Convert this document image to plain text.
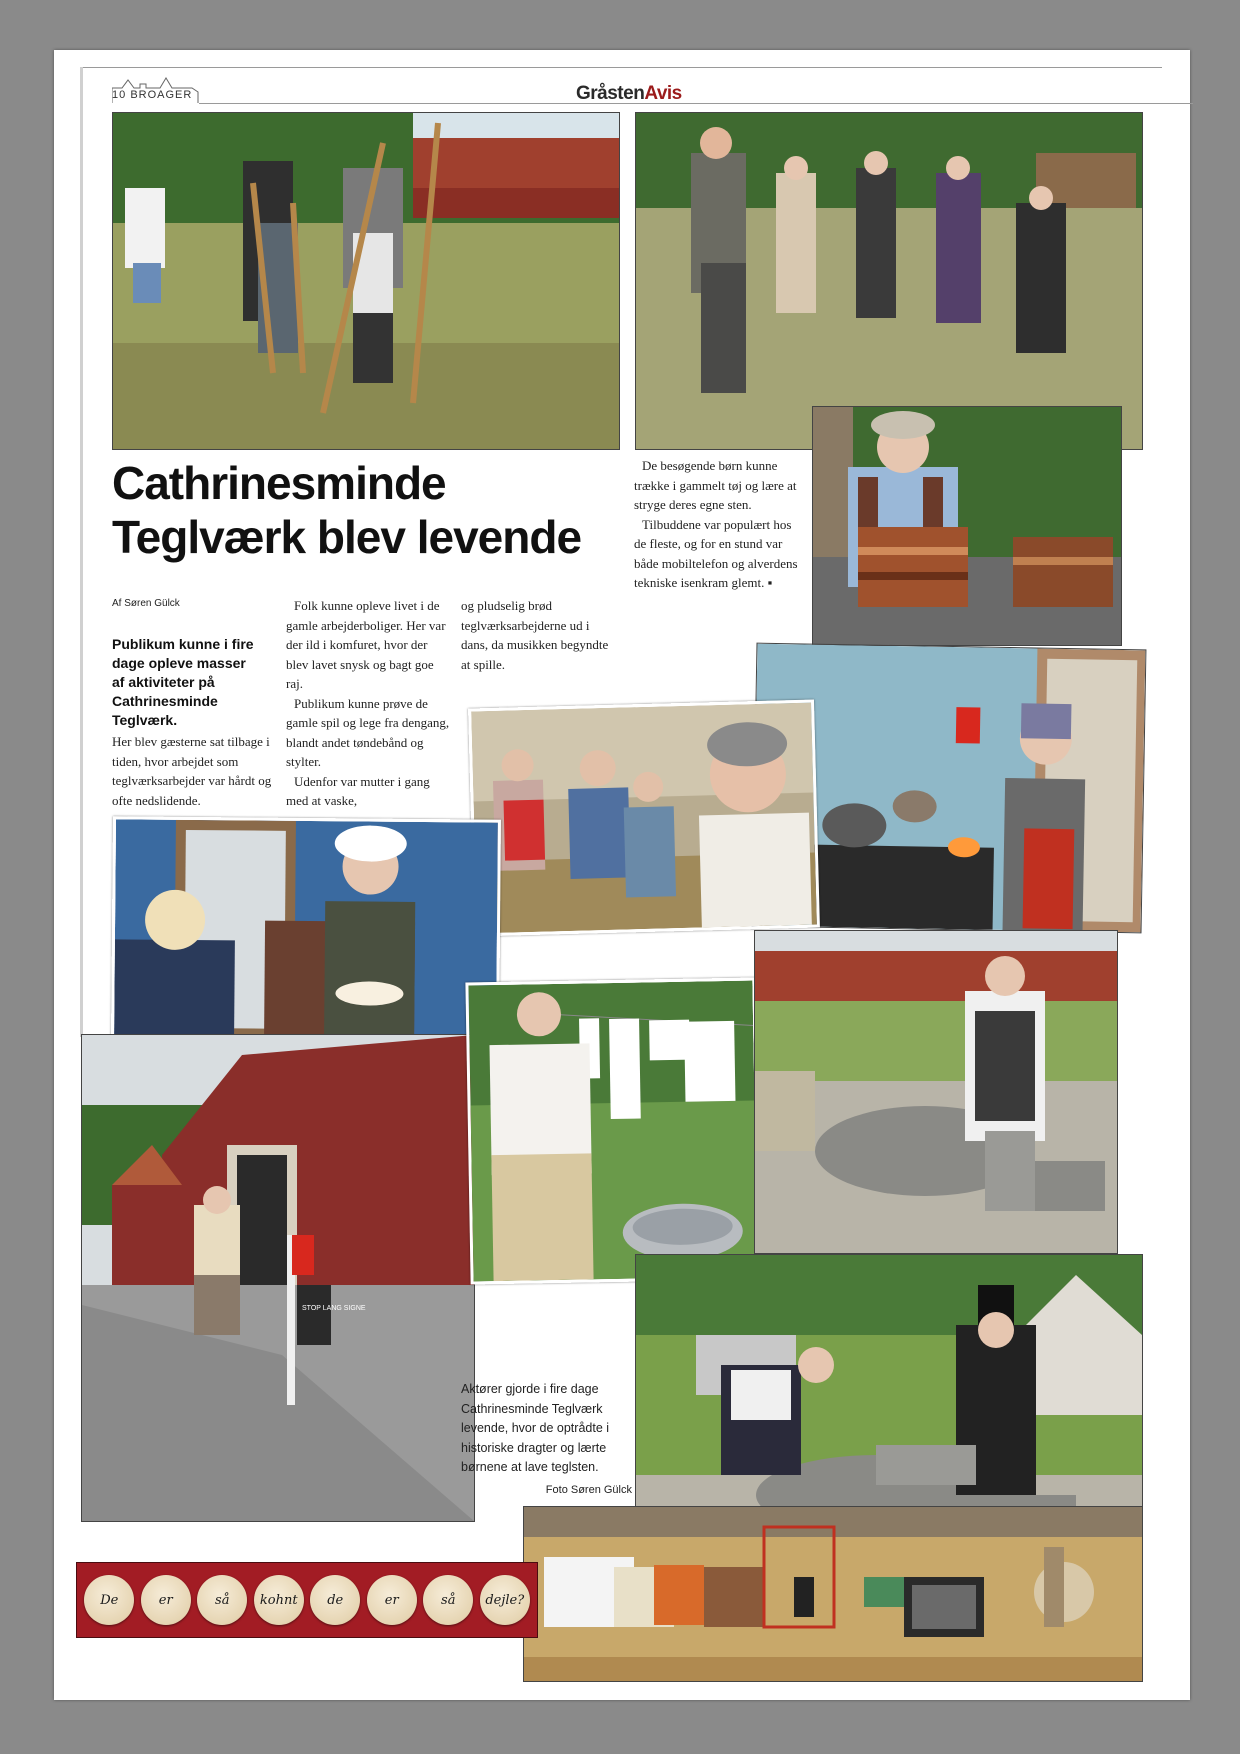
10 BROAGER	GråstenAvis
STOP LANG SIGNE
Cathrinesminde
Teglværk blev levende
Af Søren Gülck
Publikum kunne i fire dage opleve masser af aktiviteter på Cathrinesminde Teglværk.

Her blev gæsterne sat tilbage i tiden, hvor arbejdet som teglværksarbejder var hårdt og ofte nedslidende.

Folk kunne opleve livet i de gamle arbejderboliger. Her var der ild i komfuret, hvor der blev lavet snysk og bagt goe raj.

Publikum kunne prøve de gamle spil og lege fra dengang, blandt andet tøndebånd og stylter.

Udenfor var mutter i gang med at vaske,

og pludselig brød teglværksarbejderne ud i dans, da musikken begyndte at spille.

De besøgende børn kunne trække i gammelt tøj og lære at stryge deres egne sten.

Tilbuddene var populært hos de fleste, og for en stund var både mobiltelefon og alverdens tekniske isenkram glemt. ▪

Aktører gjorde i fire dage Cathrinesminde Teglværk levende, hvor de optrådte i historiske dragter og lærte børnene at lave teglsten.
Foto Søren Gülck
De	er	så	kohnt	de	er	så	dejle?
